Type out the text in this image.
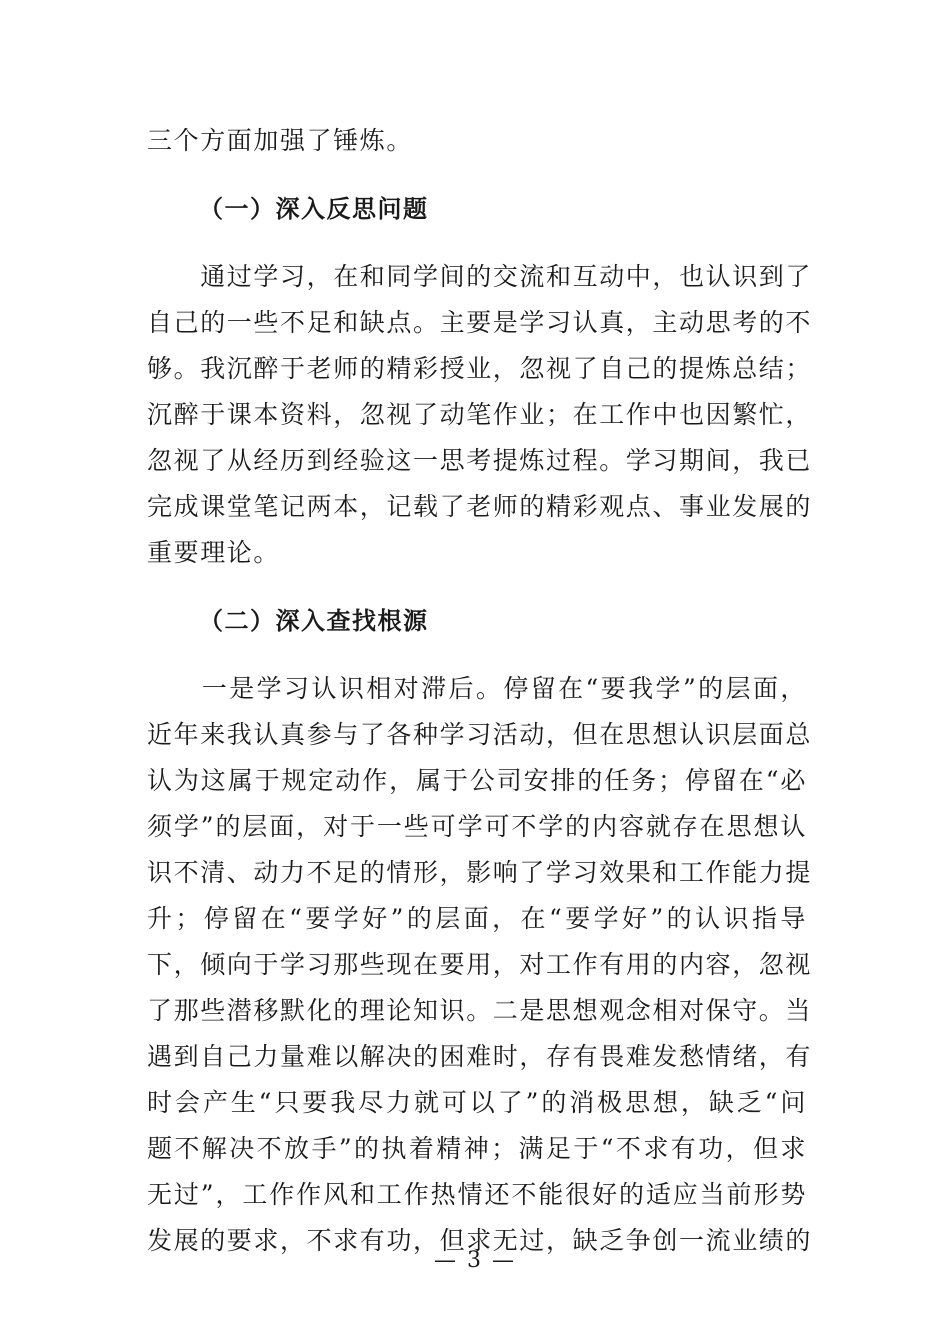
三个方面加强了锤炼。
（一）深入反思问题
　　通过学习，在和同学间的交流和互动中，也认识到了
自己的一些不足和缺点。主要是学习认真，主动思考的不
够。我沉醉于老师的精彩授业，忽视了自己的提炼总结；
沉醉于课本资料，忽视了动笔作业；在工作中也因繁忙，
忽视了从经历到经验这一思考提炼过程。学习期间，我已
完成课堂笔记两本，记载了老师的精彩观点、事业发展的
重要理论。
（二）深入查找根源
　　一是学习认识相对滞后。停留在“要我学”的层面，
近年来我认真参与了各种学习活动，但在思想认识层面总
认为这属于规定动作，属于公司安排的任务；停留在“必
须学”的层面，对于一些可学可不学的内容就存在思想认
识不清、动力不足的情形，影响了学习效果和工作能力提
升；停留在“要学好”的层面，在“要学好”的认识指导
下，倾向于学习那些现在要用，对工作有用的内容，忽视
了那些潜移默化的理论知识。二是思想观念相对保守。当
遇到自己力量难以解决的困难时，存有畏难发愁情绪，有
时会产生“只要我尽力就可以了”的消极思想，缺乏“问
题不解决不放手”的执着精神；满足于“不求有功，但求
无过”，工作作风和工作热情还不能很好的适应当前形势
发展的要求，不求有功，但求无过，缺乏争创一流业绩的
— 3 —
